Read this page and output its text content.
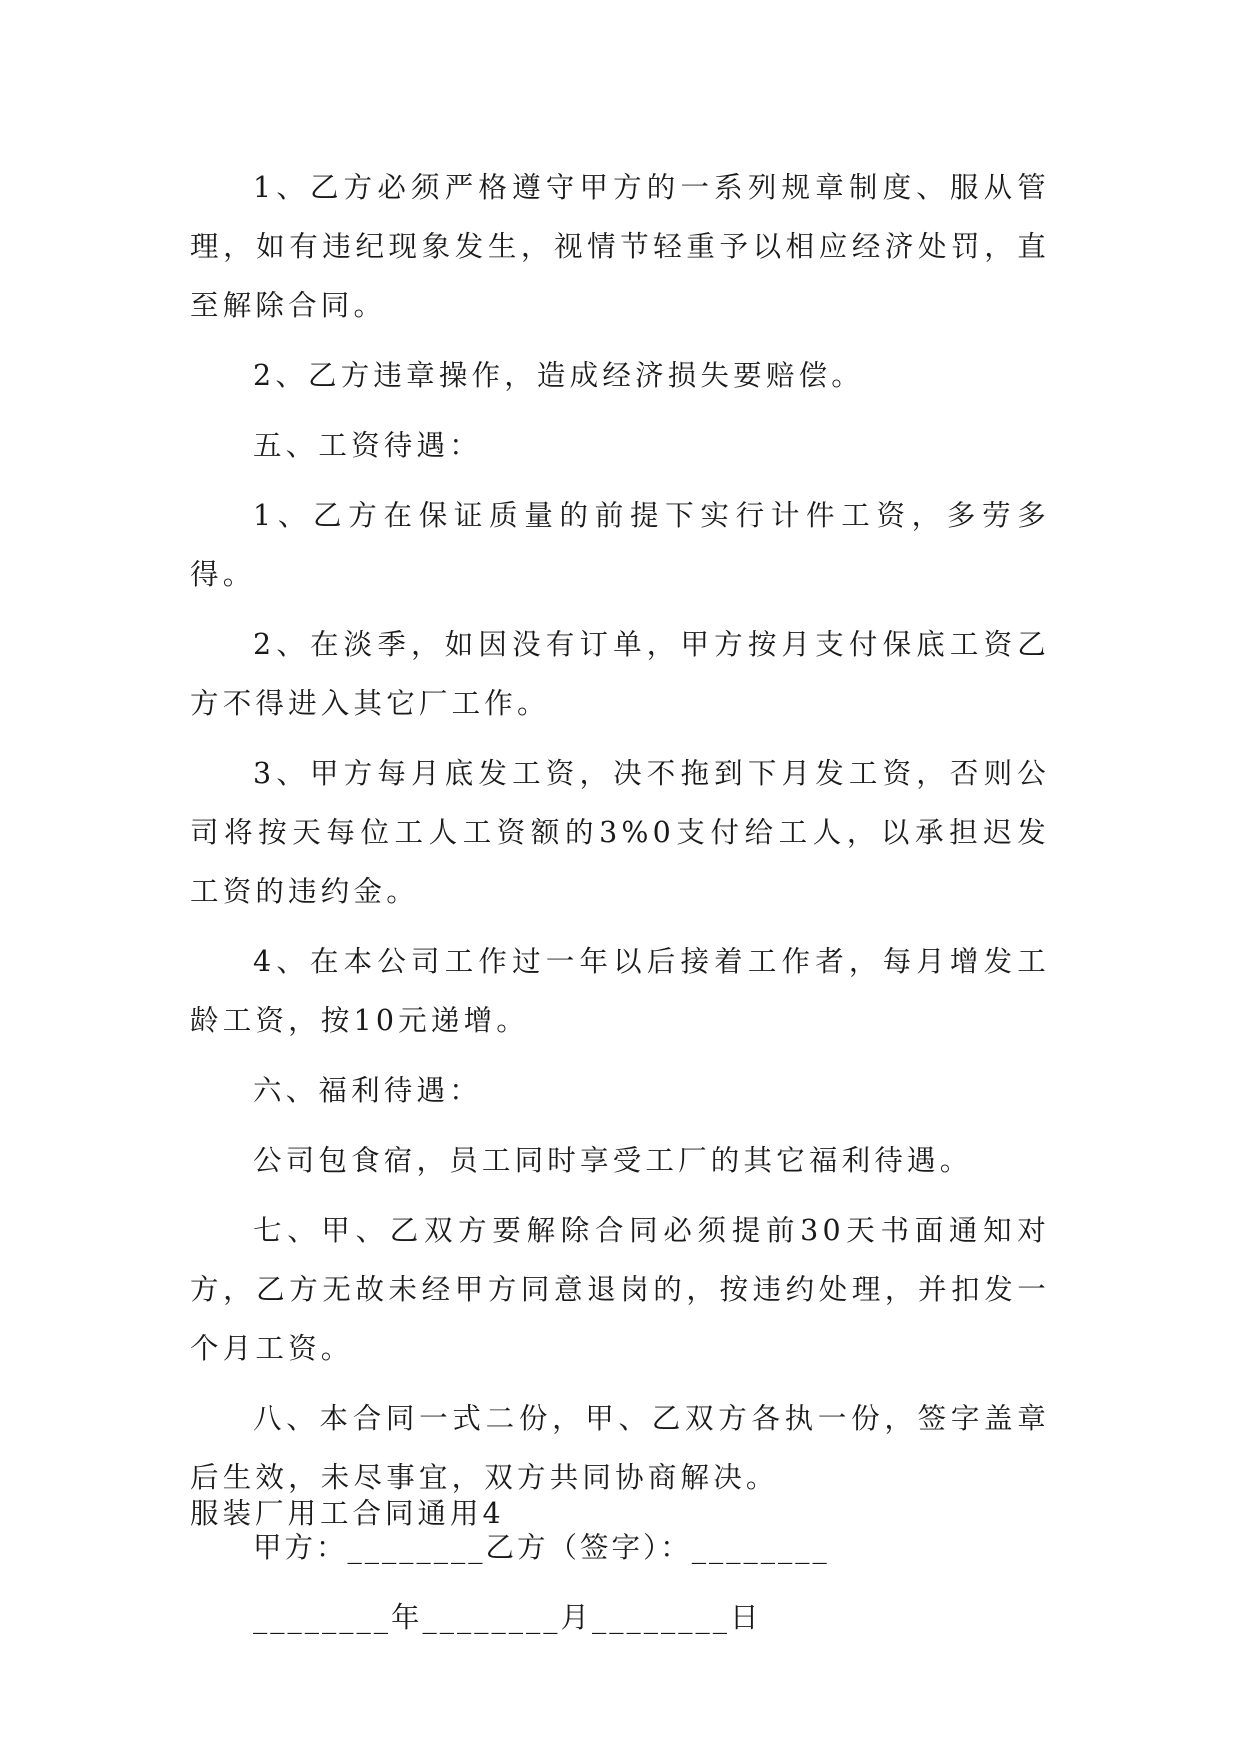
1、乙方必须严格遵守甲方的一系列规章制度、服从管理，如有违纪现象发生，视情节轻重予以相应经济处罚，直至解除合同。

2、乙方违章操作，造成经济损失要赔偿。

五、工资待遇：

1、乙方在保证质量的前提下实行计件工资，多劳多得。

2、在淡季，如因没有订单，甲方按月支付保底工资乙方不得进入其它厂工作。

3、甲方每月底发工资，决不拖到下月发工资，否则公司将按天每位工人工资额的3%0支付给工人，以承担迟发工资的违约金。

4、在本公司工作过一年以后接着工作者，每月增发工龄工资，按10元递增。

六、福利待遇：

公司包食宿，员工同时享受工厂的其它福利待遇。

七、甲、乙双方要解除合同必须提前30天书面通知对方，乙方无故未经甲方同意退岗的，按违约处理，并扣发一个月工资。

八、本合同一式二份，甲、乙双方各执一份，签字盖章后生效，未尽事宜，双方共同协商解决。

甲方：________乙方（签字）：________

________年________月________日

服装厂用工合同通用4
